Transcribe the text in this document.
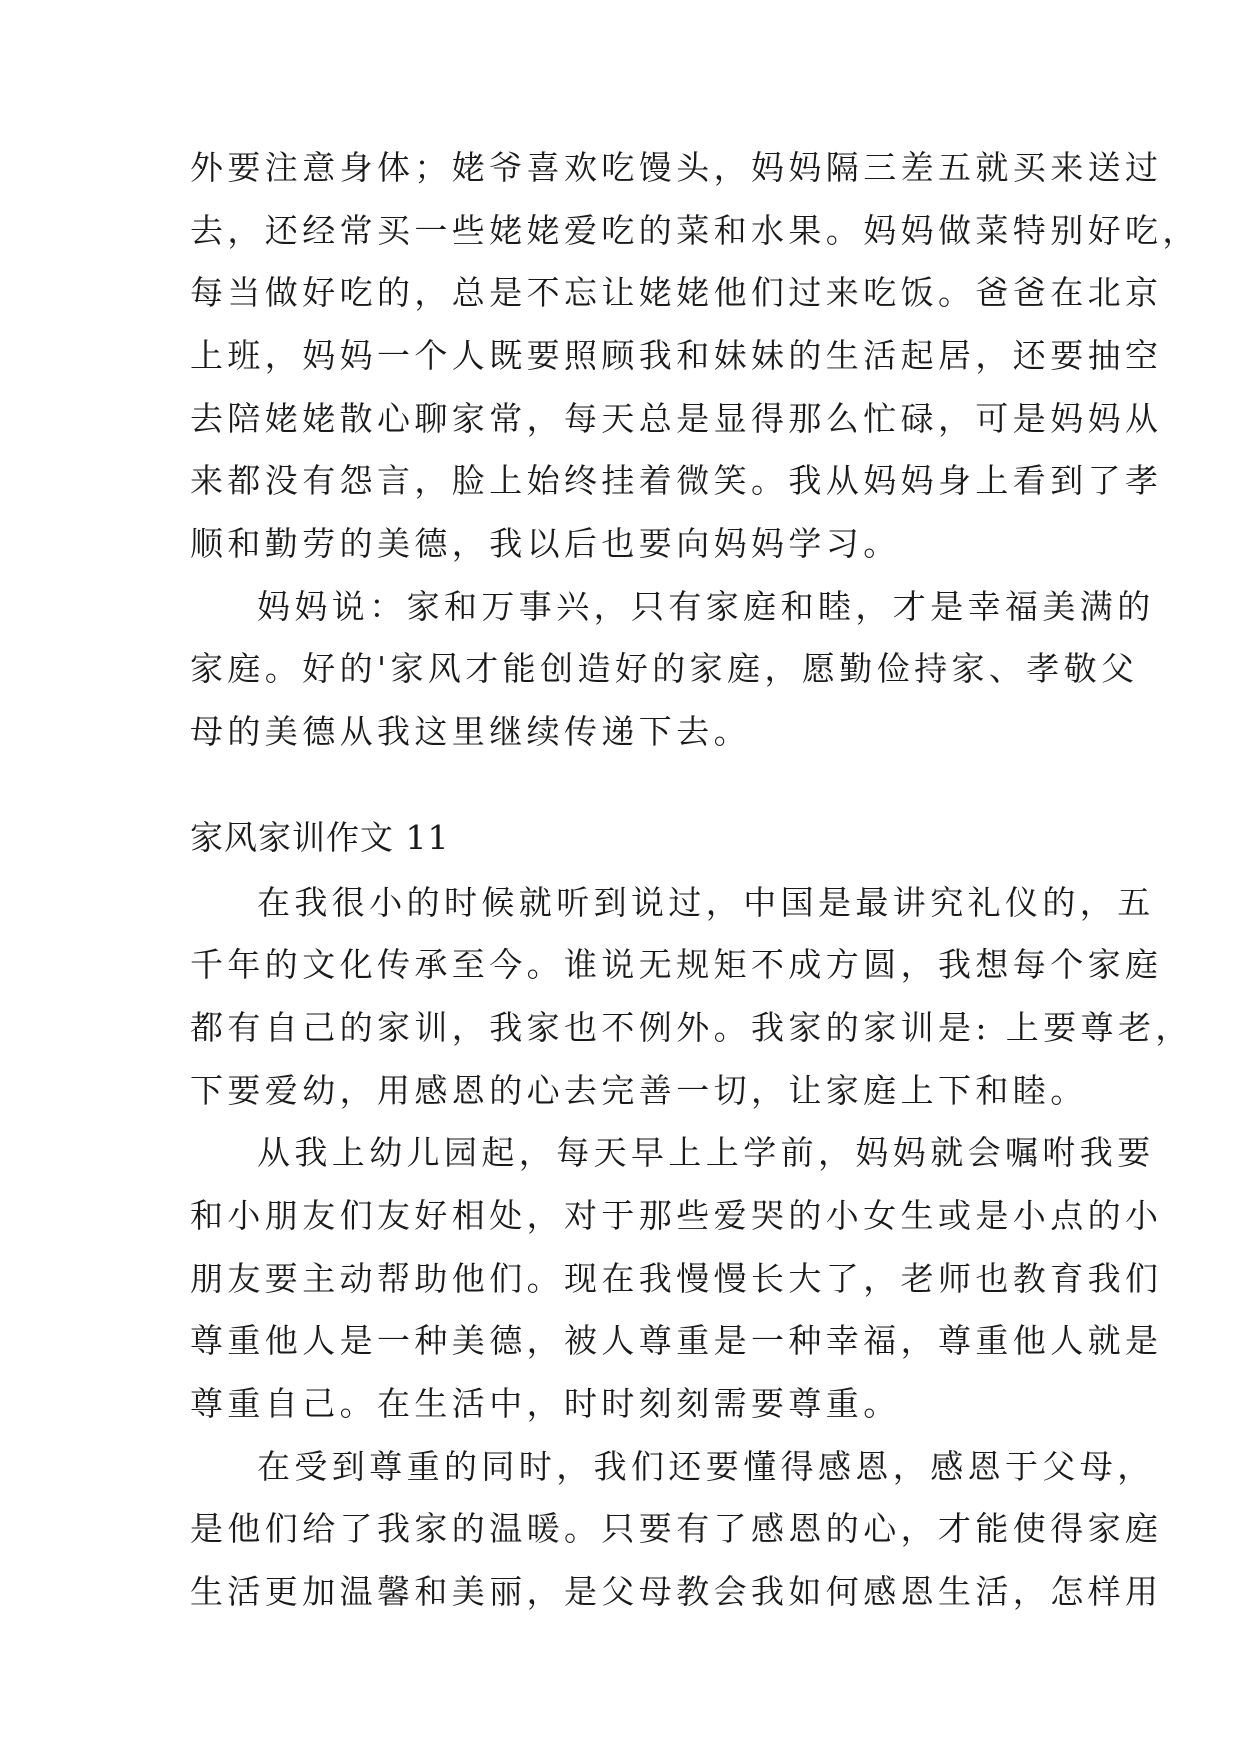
外要注意身体；姥爷喜欢吃馒头，妈妈隔三差五就买来送过
去，还经常买一些姥姥爱吃的菜和水果。妈妈做菜特别好吃，
每当做好吃的，总是不忘让姥姥他们过来吃饭。爸爸在北京
上班，妈妈一个人既要照顾我和妹妹的生活起居，还要抽空
去陪姥姥散心聊家常，每天总是显得那么忙碌，可是妈妈从
来都没有怨言，脸上始终挂着微笑。我从妈妈身上看到了孝
顺和勤劳的美德，我以后也要向妈妈学习。
妈妈说：家和万事兴，只有家庭和睦，才是幸福美满的
家庭。好的'家风才能创造好的家庭，愿勤俭持家、孝敬父
母的美德从我这里继续传递下去。
家风家训作文 11
在我很小的时候就听到说过，中国是最讲究礼仪的，五
千年的文化传承至今。谁说无规矩不成方圆，我想每个家庭
都有自己的家训，我家也不例外。我家的家训是: 上要尊老，
下要爱幼，用感恩的心去完善一切，让家庭上下和睦。
从我上幼儿园起，每天早上上学前，妈妈就会嘱咐我要
和小朋友们友好相处，对于那些爱哭的小女生或是小点的小
朋友要主动帮助他们。现在我慢慢长大了，老师也教育我们
尊重他人是一种美德，被人尊重是一种幸福，尊重他人就是
尊重自己。在生活中，时时刻刻需要尊重。
在受到尊重的同时，我们还要懂得感恩，感恩于父母，
是他们给了我家的温暖。只要有了感恩的心，才能使得家庭
生活更加温馨和美丽，是父母教会我如何感恩生活，怎样用
